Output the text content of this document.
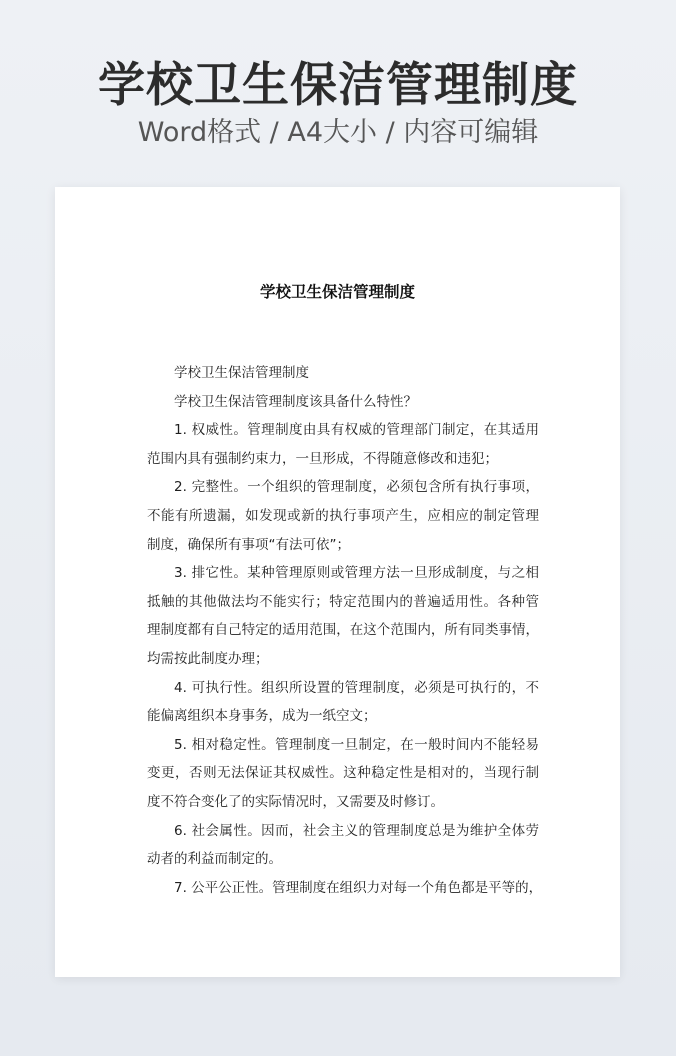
学校卫生保洁管理制度
Word格式 / A4大小 / 内容可编辑
学校卫生保洁管理制度
学校卫生保洁管理制度
学校卫生保洁管理制度该具备什么特性？
1. 权威性。管理制度由具有权威的管理部门制定，在其适用
范围内具有强制约束力，一旦形成，不得随意修改和违犯；
2. 完整性。一个组织的管理制度，必须包含所有执行事项，
不能有所遗漏，如发现或新的执行事项产生，应相应的制定管理
制度，确保所有事项“有法可依”；
3. 排它性。某种管理原则或管理方法一旦形成制度，与之相
抵触的其他做法均不能实行；特定范围内的普遍适用性。各种管
理制度都有自己特定的适用范围，在这个范围内，所有同类事情，
均需按此制度办理；
4. 可执行性。组织所设置的管理制度，必须是可执行的，不
能偏离组织本身事务，成为一纸空文；
5. 相对稳定性。管理制度一旦制定，在一般时间内不能轻易
变更，否则无法保证其权威性。这种稳定性是相对的，当现行制
度不符合变化了的实际情况时，又需要及时修订。
6. 社会属性。因而，社会主义的管理制度总是为维护全体劳
动者的利益而制定的。
7. 公平公正性。管理制度在组织力对每一个角色都是平等的，
